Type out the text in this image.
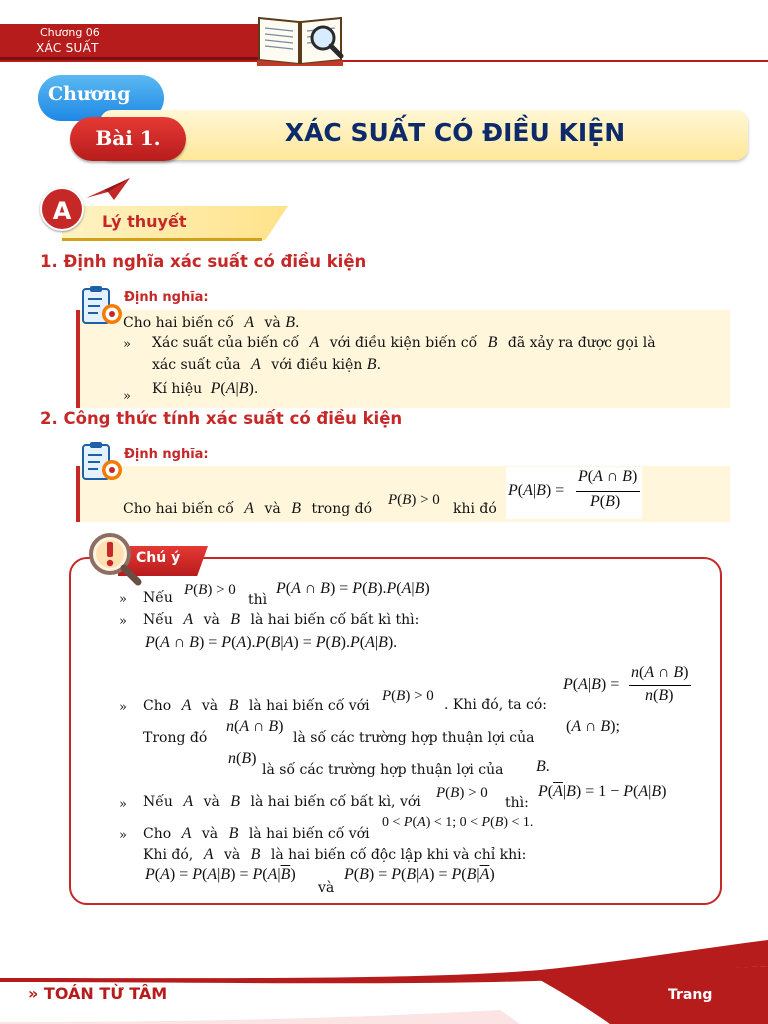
Chương 06
XÁC SUẤT
Chương
XÁC SUẤT CÓ ĐIỀU KIỆN
Bài 1.
A	Lý thuyết
1. Định nghĩa xác suất có điều kiện
Định nghĩa:
Cho hai biến cố A và B.
» Xác suất của biến cố A với điều kiện biến cố B đã xảy ra được gọi là
xác suất của A với điều kiện B.
» Kí hiệu P(A|B).
2. Công thức tính xác suất có điều kiện
Định nghĩa:
Cho hai biến cố A và B trong đó
P(B) > 0
khi đó
P(A|B) =
P(A ∩ B)
P(B)
Chú ý
» Nếu P(B) > 0
thì
P(A ∩ B) = P(B).P(A|B)
» Nếu A và B là hai biến cố bất kì thì:
P(A ∩ B) = P(A).P(B|A) = P(B).P(A|B).
» Cho A và B là hai biến cố với
P(B) > 0
. Khi đó, ta có:
P(A|B) =
n(A ∩ B)
n(B)
Trong đó
n(A ∩ B)
là số các trường hợp thuận lợi của
(A ∩ B);
n(B)
là số các trường hợp thuận lợi của B.
» Nếu A và B là hai biến cố bất kì, với
P(B) > 0
thì:
$P(\overline{A}|B) = 1 - P(A|B)$
» Cho A và B là hai biến cố với
0 < P(A) < 1; 0 < P(B) < 1.
Khi đó, A và B là hai biến cố độc lập khi và chỉ khi:
$P(A) = P(A|B) = P(A|\overline{B})$
và
$P(B) = P(B|A) = P(B|\overline{A})$
» TOÁN TỪ TÂM	Trang
